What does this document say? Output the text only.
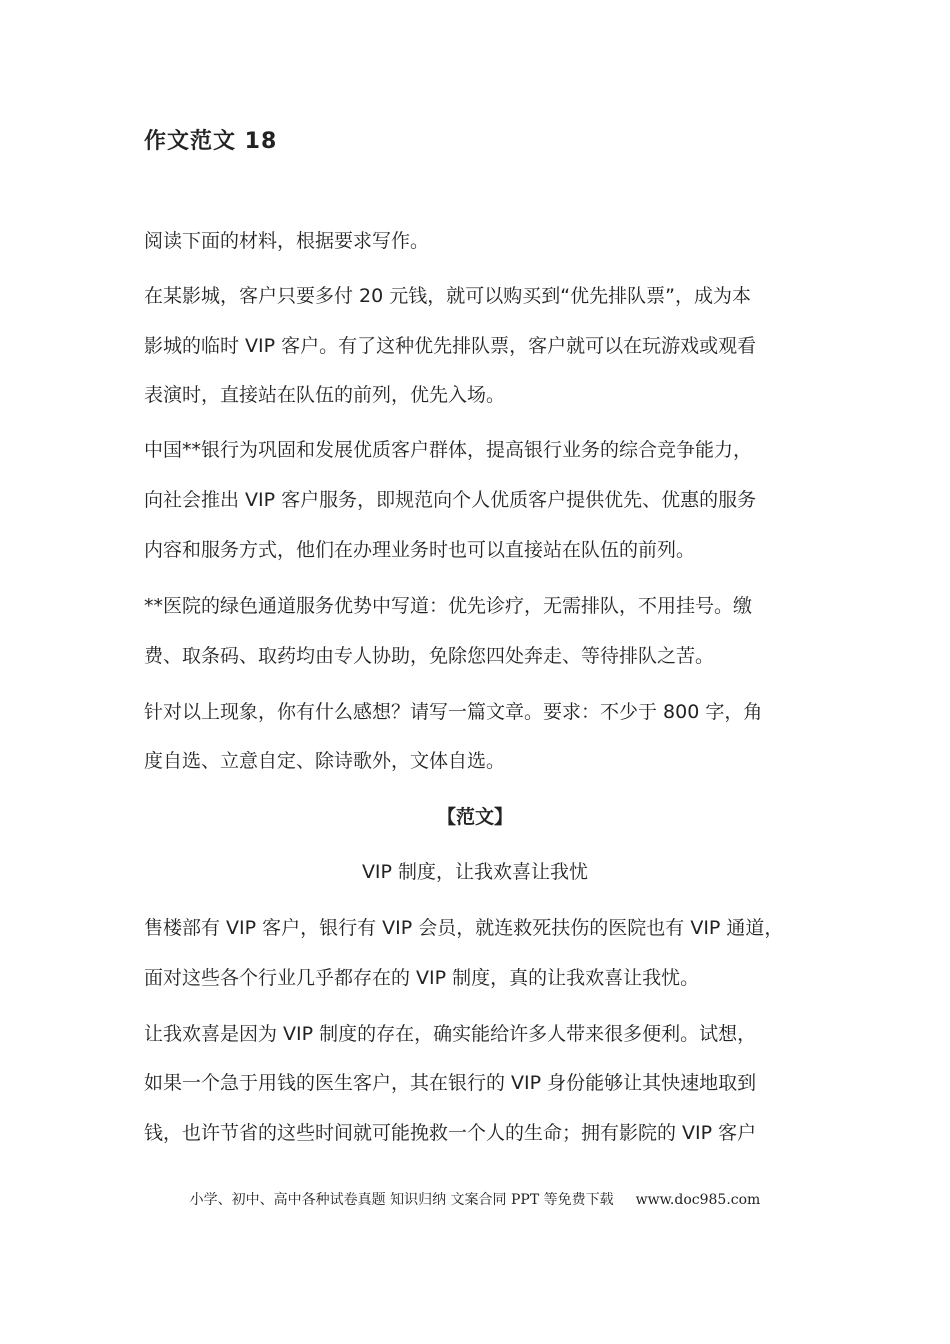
作文范文 18
阅读下面的材料，根据要求写作。
在某影城，客户只要多付 20 元钱，就可以购买到“优先排队票”，成为本
影城的临时 VIP 客户。有了这种优先排队票，客户就可以在玩游戏或观看
表演时，直接站在队伍的前列，优先入场。
中国**银行为巩固和发展优质客户群体，提高银行业务的综合竞争能力，
向社会推出 VIP 客户服务，即规范向个人优质客户提供优先、优惠的服务
内容和服务方式，他们在办理业务时也可以直接站在队伍的前列。
**医院的绿色通道服务优势中写道：优先诊疗，无需排队，不用挂号。缴
费、取条码、取药均由专人协助，免除您四处奔走、等待排队之苦。
针对以上现象，你有什么感想？请写一篇文章。要求：不少于 800 字，角
度自选、立意自定、除诗歌外，文体自选。
【范文】
VIP 制度，让我欢喜让我忧
售楼部有 VIP 客户，银行有 VIP 会员，就连救死扶伤的医院也有 VIP 通道，
面对这些各个行业几乎都存在的 VIP 制度，真的让我欢喜让我忧。
让我欢喜是因为 VIP 制度的存在，确实能给许多人带来很多便利。试想，
如果一个急于用钱的医生客户，其在银行的 VIP 身份能够让其快速地取到
钱，也许节省的这些时间就可能挽救一个人的生命；拥有影院的 VIP 客户
小学、初中、高中各种试卷真题 知识归纳 文案合同 PPT 等免费下载 www.doc985.com
